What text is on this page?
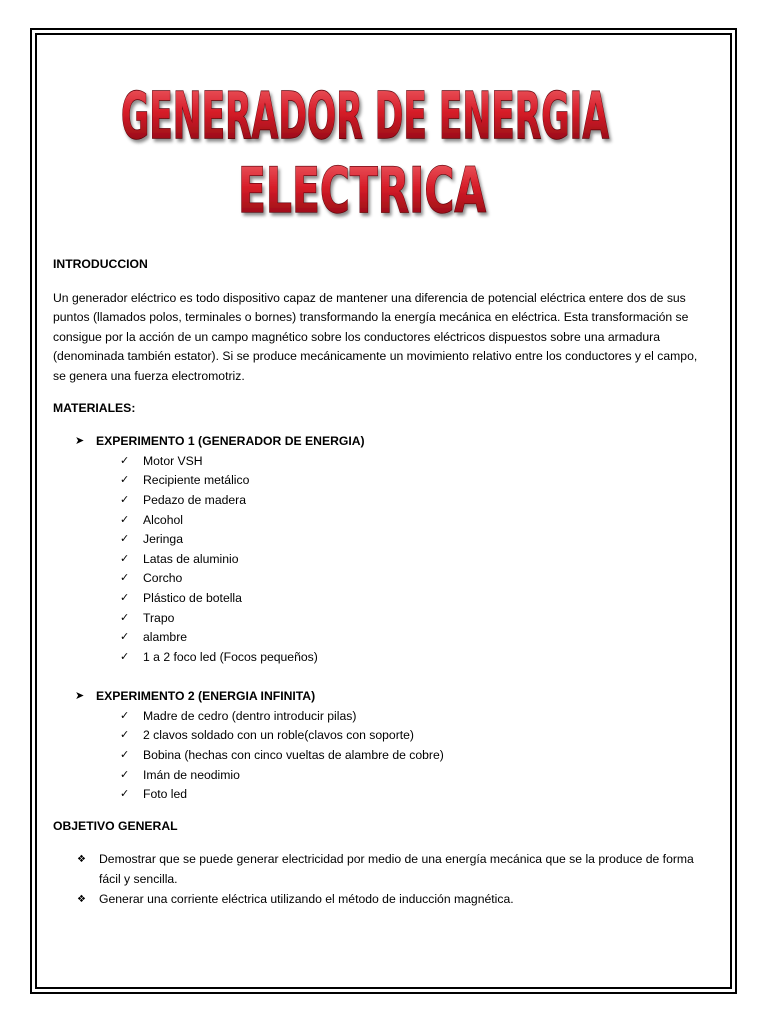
GENERADOR DE ENERGIA
ELECTRICA

INTRODUCCION

Un generador eléctrico es todo dispositivo capaz de mantener una diferencia de potencial eléctrica entere dos de sus puntos (llamados polos, terminales o bornes) transformando la energía mecánica en eléctrica. Esta transformación se consigue por la acción de un campo magnético sobre los conductores eléctricos dispuestos sobre una armadura (denominada también estator). Si se produce mecánicamente un movimiento relativo entre los conductores y el campo, se genera una fuerza electromotriz.

MATERIALES:

➤ EXPERIMENTO 1 (GENERADOR DE ENERGIA)

✓ Motor VSH
✓ Recipiente metálico
✓ Pedazo de madera
✓ Alcohol
✓ Jeringa
✓ Latas de aluminio
✓ Corcho
✓ Plástico de botella
✓ Trapo
✓ alambre
✓ 1 a 2 foco led (Focos pequeños)

➤ EXPERIMENTO 2 (ENERGIA INFINITA)

✓ Madre de cedro (dentro introducir pilas)
✓ 2 clavos soldado con un roble(clavos con soporte)
✓ Bobina (hechas con cinco vueltas de alambre de cobre)
✓ Imán de neodimio
✓ Foto led

OBJETIVO GENERAL

❖ Demostrar que se puede generar electricidad por medio de una energía mecánica que se la produce de forma fácil y sencilla.
❖ Generar una corriente eléctrica utilizando el método de inducción magnética.
